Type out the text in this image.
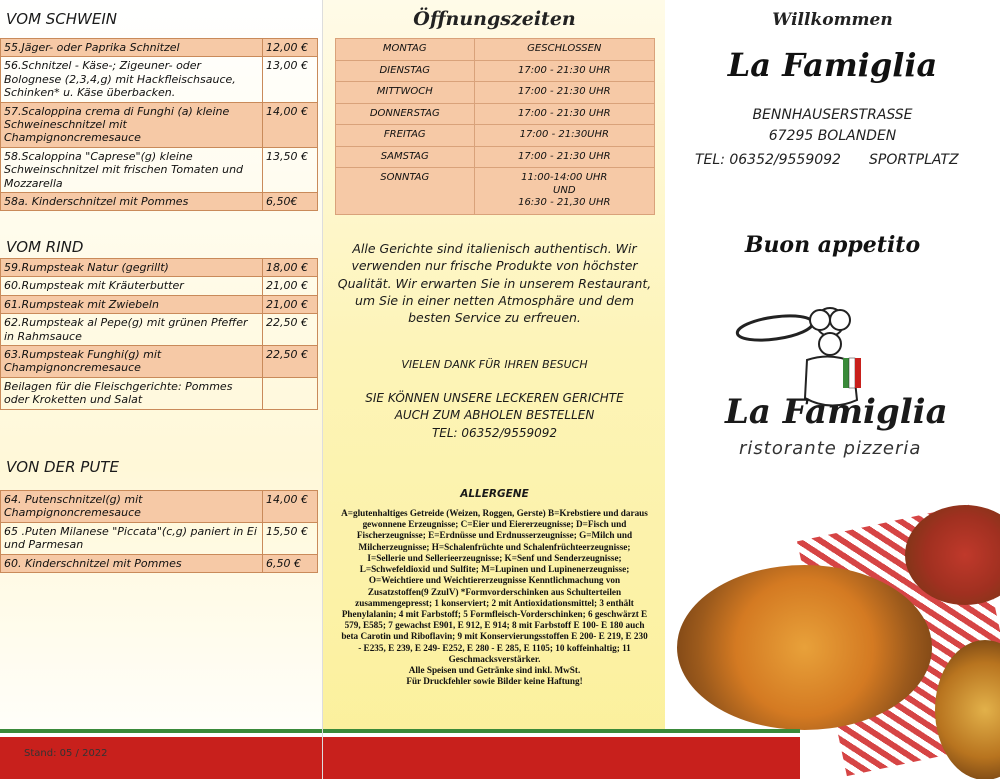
VOM SCHWEIN
55.Jäger- oder Paprika Schnitzel	12,00 €
56.Schnitzel - Käse-; Zigeuner- oder Bolognese (2,3,4,g) mit Hackfleischsauce, Schinken* u. Käse überbacken.	13,00 €
57.Scaloppina crema di Funghi (a) kleine Schweineschnitzel mit Champignoncremesauce	14,00 €
58.Scaloppina "Caprese"(g) kleine Schweinschnitzel mit frischen Tomaten und Mozzarella	13,50 €
58a. Kinderschnitzel mit Pommes	6,50€
VOM RIND
59.Rumpsteak Natur (gegrillt)	18,00 €
60.Rumpsteak mit Kräuterbutter	21,00 €
61.Rumpsteak mit Zwiebeln	21,00 €
62.Rumpsteak al Pepe(g) mit grünen Pfeffer in Rahmsauce	22,50 €
63.Rumpsteak Funghi(g) mit Champignoncremesauce	22,50 €
Beilagen für die Fleischgerichte: Pommes oder Kroketten und Salat	
VON DER PUTE
64. Putenschnitzel(g) mit Champignoncremesauce	14,00 €
65 .Puten Milanese "Piccata"(c,g) paniert in Ei und Parmesan	15,50 €
60. Kinderschnitzel mit Pommes	6,50 €
Stand: 05 / 2022
Öffnungszeiten
MONTAG	GESCHLOSSEN
DIENSTAG	17:00 - 21:30 UHR
MITTWOCH	17:00 - 21:30 UHR
DONNERSTAG	17:00 - 21:30 UHR
FREITAG	17:00 - 21:30UHR
SAMSTAG	17:00 - 21:30 UHR
SONNTAG	11:00-14:00 UHR
UND
16:30 - 21,30 UHR
Alle Gerichte sind italienisch authentisch. Wir verwenden nur frische Produkte von höchster Qualität. Wir erwarten Sie in unserem Restaurant, um Sie in einer netten Atmosphäre und dem besten Service zu erfreuen.
VIELEN DANK FÜR IHREN BESUCH
SIE KÖNNEN UNSERE LECKEREN GERICHTE
AUCH ZUM ABHOLEN BESTELLEN
TEL: 06352/9559092
ALLERGENE
A=glutenhaltiges Getreide (Weizen, Roggen, Gerste) B=Krebstiere und daraus gewonnene Erzeugnisse; C=Eier und Eiererzeugnisse; D=Fisch und Fischerzeugnisse; E=Erdnüsse und Erdnusserzeugnisse; G=Milch und Milcherzeugnisse; H=Schalenfrüchte und Schalenfrüchteerzeugnisse; I=Sellerie und Sellerieerzeugnisse; K=Senf und Senderzeugnisse; L=Schwefeldioxid und Sulfite; M=Lupinen und Lupinenerzeugnisse; O=Weichtiere und Weichtiererzeugnisse Kenntlichmachung von Zusatzstoffen(9 ZzulV) *Formvorderschinken aus Schulterteilen zusammengepresst; 1 konserviert; 2 mit Antioxidationsmittel; 3 enthält Phenylalanin; 4 mit Farbstoff; 5 Formfleisch-Vorderschinken; 6 geschwärzt E 579, E585; 7 gewachst E901, E 912, E 914; 8 mit Farbstoff E 100- E 180 auch beta Carotin und Riboflavin; 9 mit Konservierungsstoffen E 200- E 219, E 230 - E235, E 239, E 249- E252, E 280 - E 285, E 1105; 10 koffeinhaltig; 11 Geschmacksverstärker.
Alle Speisen und Getränke sind inkl. MwSt.
Für Druckfehler sowie Bilder keine Haftung!
Willkommen
La Famiglia
BENNHAUSERSTRASSE
67295 BOLANDEN
TEL: 06352/9559092 SPORTPLATZ
Buon appetito
La Famiglia
ristorante pizzeria
